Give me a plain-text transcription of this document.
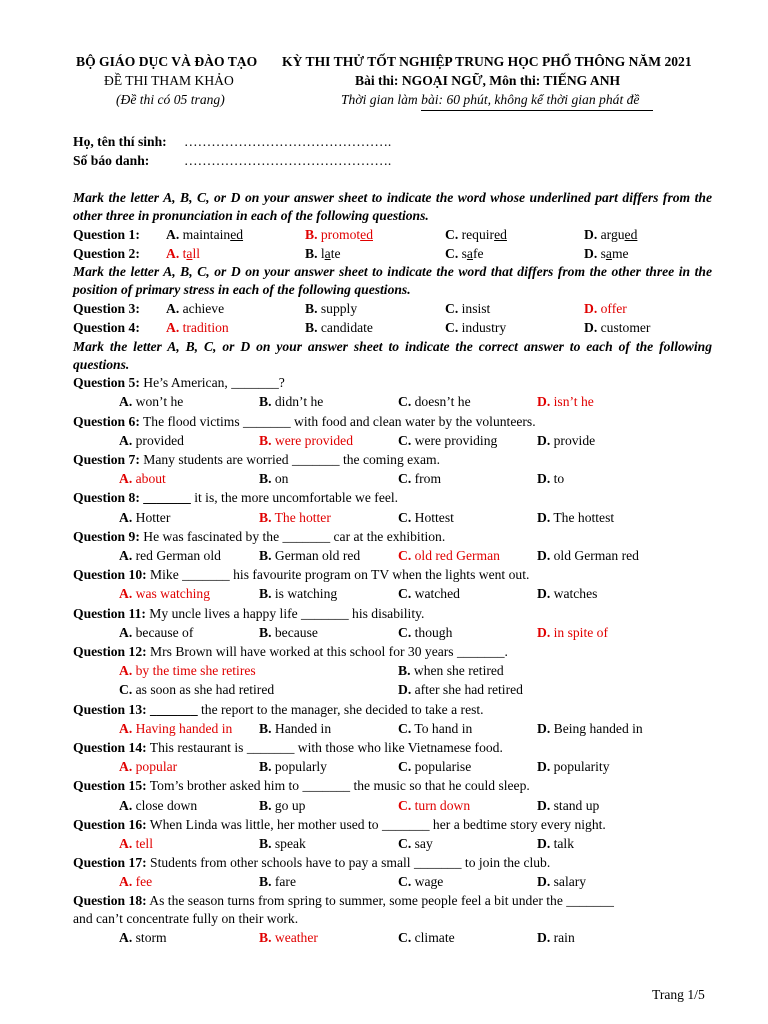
BỘ GIÁO DỤC VÀ ĐÀO TẠO
ĐỀ THI THAM KHẢO
(Đề thi có 05 trang)
KỲ THI THỬ TỐT NGHIỆP TRUNG HỌC PHỔ THÔNG NĂM 2021
Bài thi: NGOẠI NGỮ, Môn thi: TIẾNG ANH
Thời gian làm bài: 60 phút, không kể thời gian phát đề
Họ, tên thí sinh: ……………………………………….
Số báo danh:	……………………………………….
Mark the letter A, B, C, or D on your answer sheet to indicate the word whose underlined part differs from the other three in pronunciation in each of the following questions.
Question 1: A. maintained	B. promoted	C. required	D. argued
Question 2: A. tall	B. late	C. safe	D. same
Mark the letter A, B, C, or D on your answer sheet to indicate the word that differs from the other three in the position of primary stress in each of the following questions.
Question 3: A. achieve	B. supply	C. insist	D. offer
Question 4: A. tradition	B. candidate	C. industry	D. customer
Mark the letter A, B, C, or D on your answer sheet to indicate the correct answer to each of the following questions.
Question 5: He’s American, _______?
A. won’t he	B. didn’t he	C. doesn’t he	D. isn’t he
Question 6: The flood victims _______ with food and clean water by the volunteers.
A. provided	B. were provided	C. were providing	D. provide
Question 7: Many students are worried _______ the coming exam.
A. about	B. on	C. from	D. to
Question 8: _______ it is, the more uncomfortable we feel.
A. Hotter	B. The hotter	C. Hottest	D. The hottest
Question 9: He was fascinated by the _______ car at the exhibition.
A. red German old	B. German old red	C. old red German	D. old German red
Question 10: Mike _______ his favourite program on TV when the lights went out.
A. was watching	B. is watching	C. watched	D. watches
Question 11: My uncle lives a happy life _______ his disability.
A. because of	B. because	C. though	D. in spite of
Question 12: Mrs Brown will have worked at this school for 30 years _______.
A. by the time she retires	B. when she retired
C. as soon as she had retired	D. after she had retired
Question 13: _______ the report to the manager, she decided to take a rest.
A. Having handed in B. Handed in	C. To hand in	D. Being handed in
Question 14: This restaurant is _______ with those who like Vietnamese food.
A. popular	B. popularly	C. popularise	D. popularity
Question 15: Tom’s brother asked him to _______ the music so that he could sleep.
A. close down	B. go up	C. turn down	D. stand up
Question 16: When Linda was little, her mother used to _______ her a bedtime story every night.
A. tell	B. speak	C. say	D. talk
Question 17: Students from other schools have to pay a small _______ to join the club.
A. fee	B. fare	C. wage	D. salary
Question 18: As the season turns from spring to summer, some people feel a bit under the _______
and can’t concentrate fully on their work.
A. storm	B. weather	C. climate	D. rain
Trang 1/5
